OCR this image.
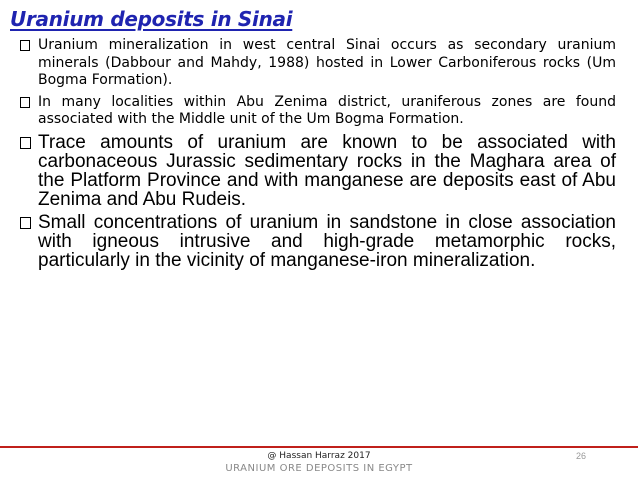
Uranium deposits in Sinai
Uranium mineralization in west central Sinai occurs as secondary uranium minerals (Dabbour and Mahdy, 1988) hosted in Lower Carboniferous rocks (Um Bogma Formation).
In many localities within Abu Zenima district, uraniferous zones are found associated with the Middle unit of the Um Bogma Formation.
Trace amounts of uranium are known to be associated with carbonaceous Jurassic sedimentary rocks in the Maghara area of the Platform Province and with manganese are deposits east of Abu Zenima and Abu Rudeis.
Small concentrations of uranium in sandstone in close association with igneous intrusive and high-grade metamorphic rocks, particularly in the vicinity of manganese-iron mineralization.
@ Hassan Harraz 2017
URANIUM ORE DEPOSITS IN EGYPT
26
